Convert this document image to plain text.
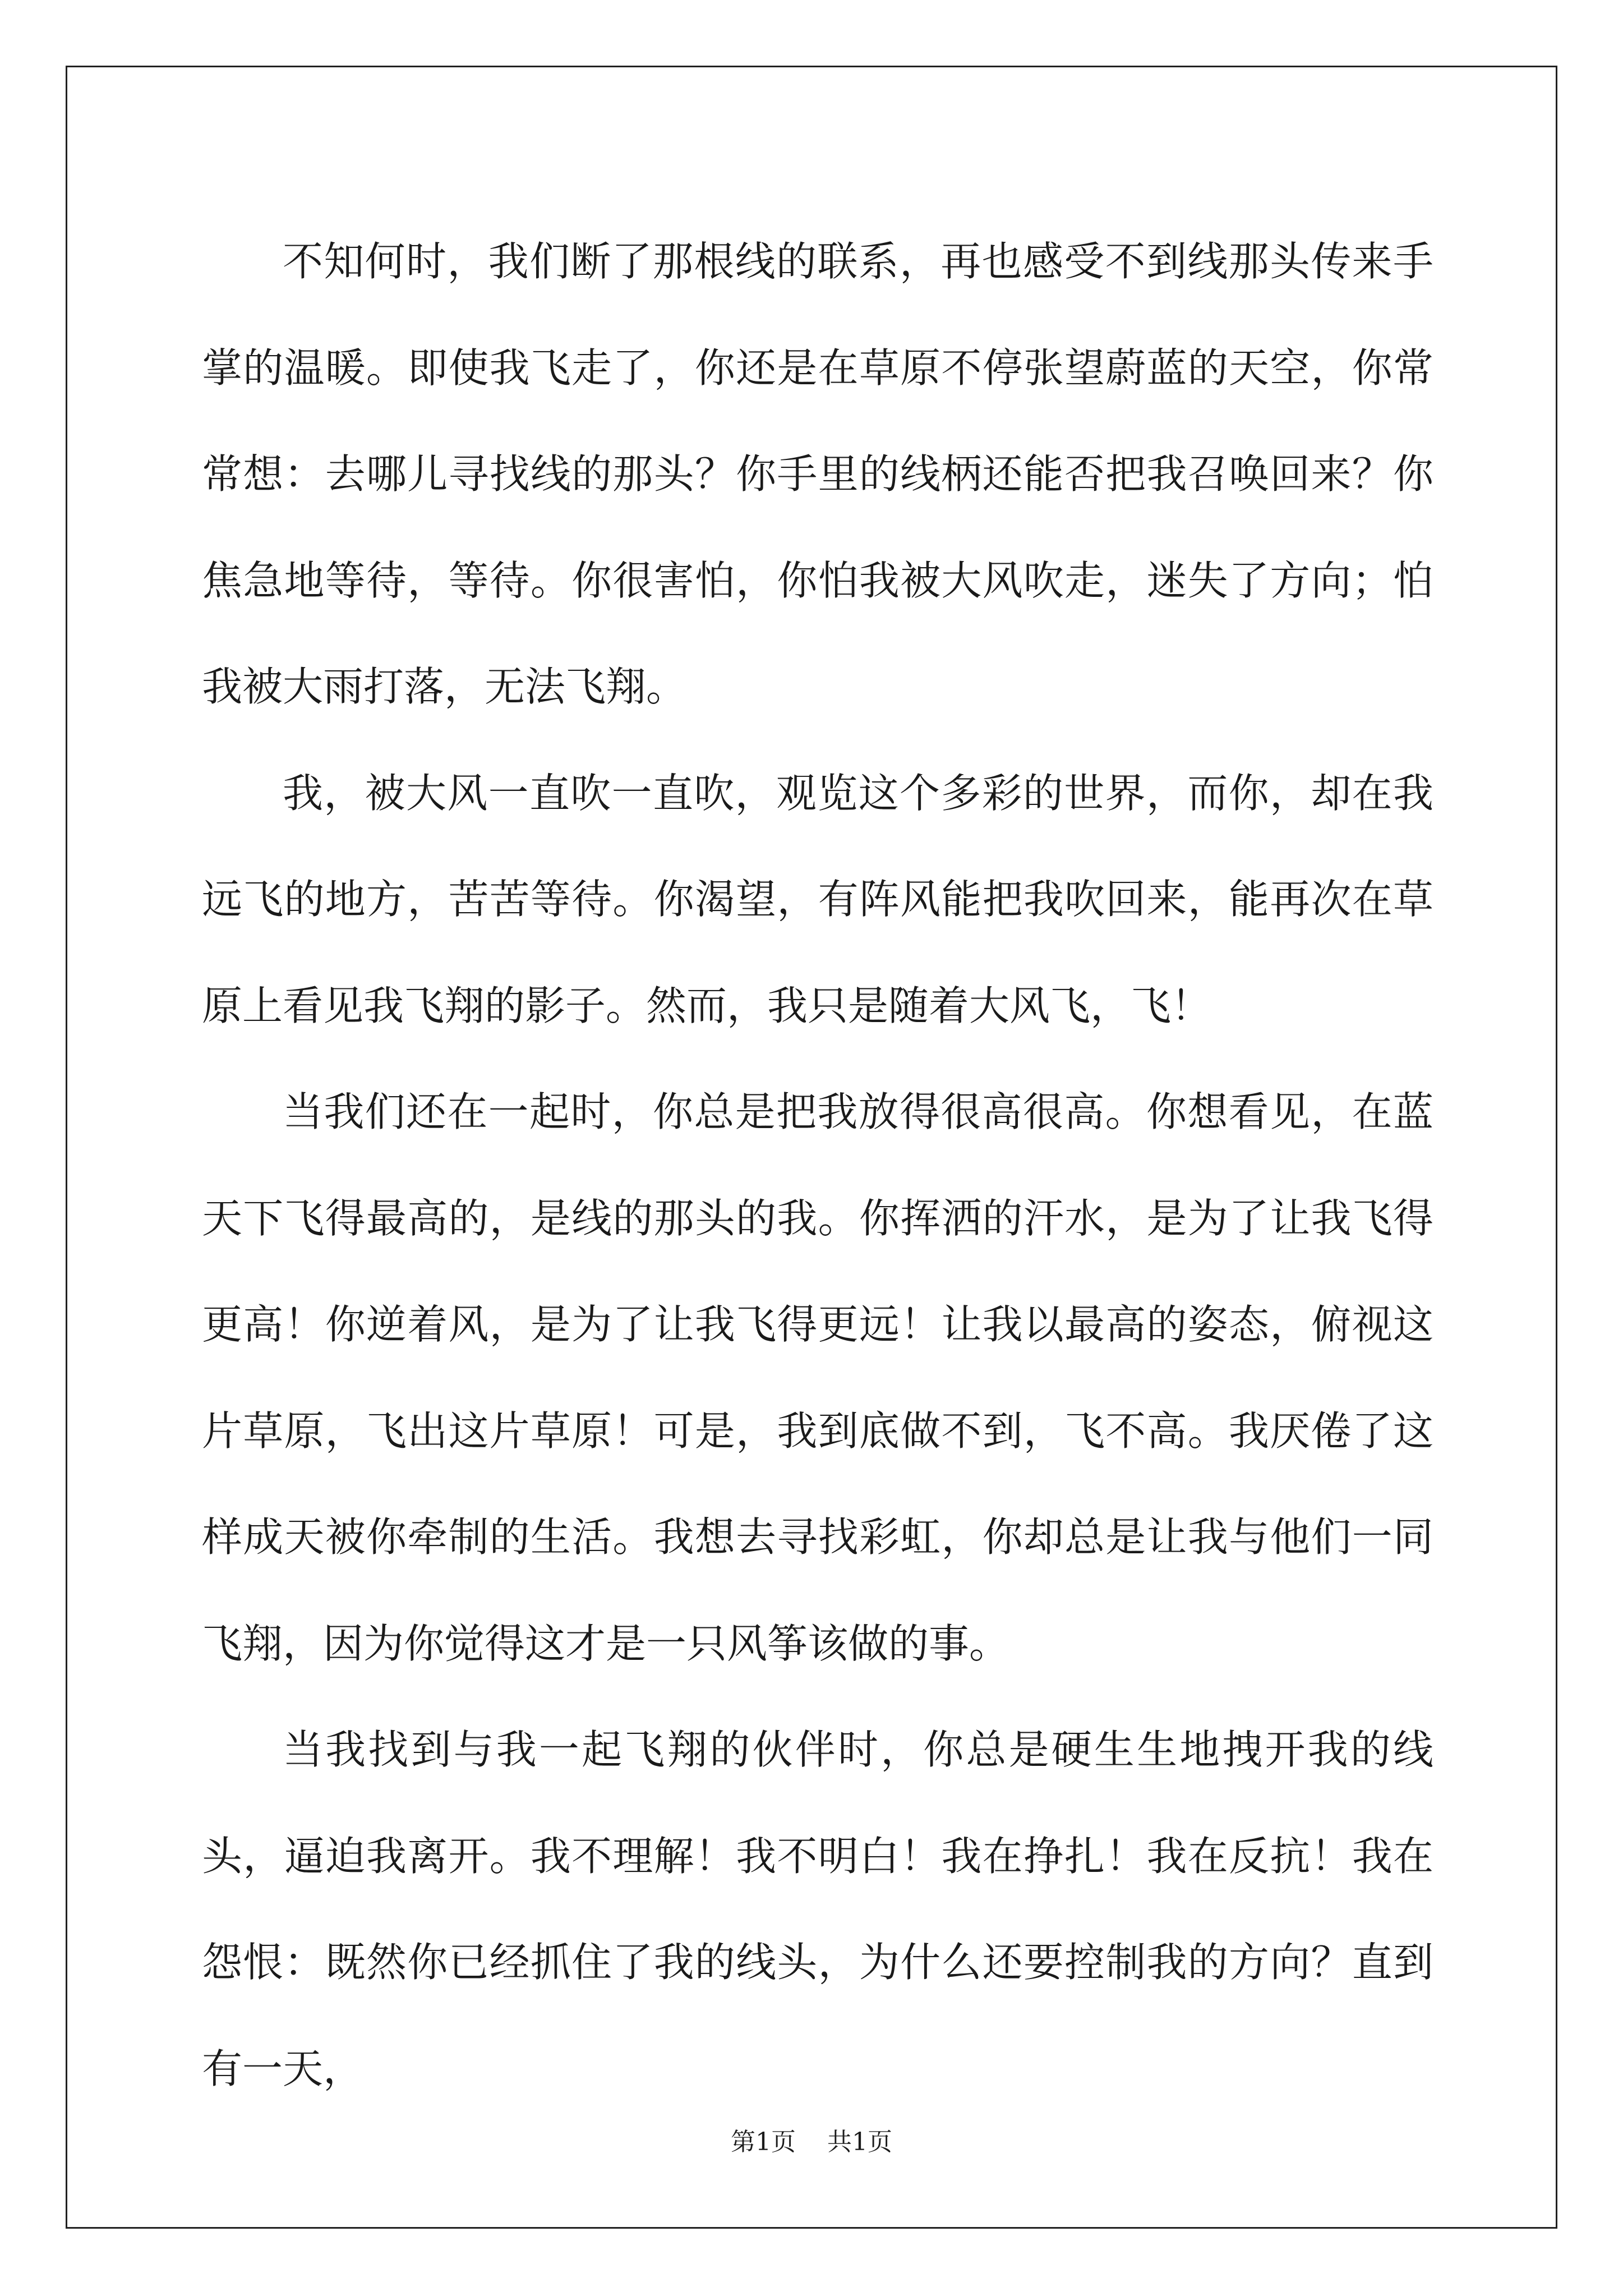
不知何时，我们断了那根线的联系，再也感受不到线那头传来手掌的温暖。即使我飞走了，你还是在草原不停张望蔚蓝的天空，你常常想：去哪儿寻找线的那头？你手里的线柄还能否把我召唤回来？你焦急地等待，等待。你很害怕，你怕我被大风吹走，迷失了方向；怕我被大雨打落，无法飞翔。

我，被大风一直吹一直吹，观览这个多彩的世界，而你，却在我远飞的地方，苦苦等待。你渴望，有阵风能把我吹回来，能再次在草原上看见我飞翔的影子。然而，我只是随着大风飞，飞！

当我们还在一起时，你总是把我放得很高很高。你想看见，在蓝天下飞得最高的，是线的那头的我。你挥洒的汗水，是为了让我飞得更高！你逆着风，是为了让我飞得更远！让我以最高的姿态，俯视这片草原，飞出这片草原！可是，我到底做不到，飞不高。我厌倦了这样成天被你牵制的生活。我想去寻找彩虹，你却总是让我与他们一同飞翔，因为你觉得这才是一只风筝该做的事。

当我找到与我一起飞翔的伙伴时，你总是硬生生地拽开我的线头，逼迫我离开。我不理解！我不明白！我在挣扎！我在反抗！我在怨恨：既然你已经抓住了我的线头，为什么还要控制我的方向？直到有一天，

第1页 共1页
